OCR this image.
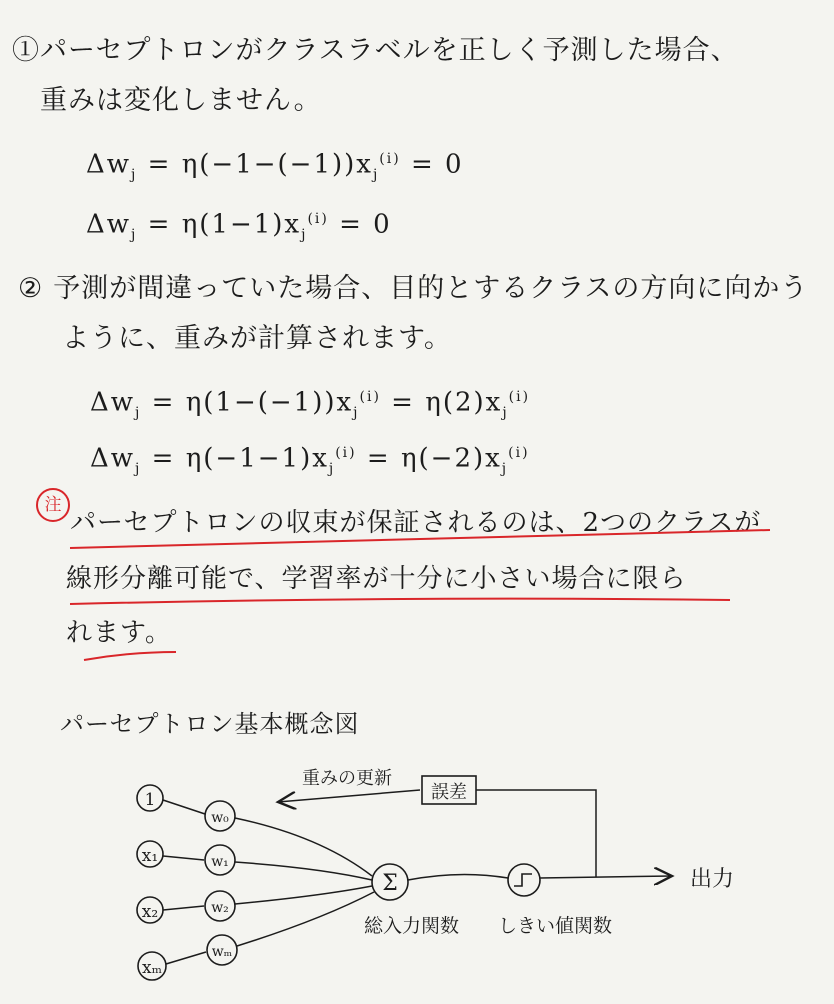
①パーセプトロンがクラスラベルを正しく予測した場合、
重みは変化しません。
$\Delta w_j = \eta(-1-(-1))x_j^{(i)} = 0$
$\Delta w_j = \eta(1-1)x_j^{(i)} = 0$
② 予測が間違っていた場合、目的とするクラスの方向に向かう
ように、重みが計算されます。
$\Delta w_j = \eta(1-(-1))x_j^{(i)} = \eta(2)x_j^{(i)}$
$\Delta w_j = \eta(-1-1)x_j^{(i)} = \eta(-2)x_j^{(i)}$
注
パーセプトロンの収束が保証されるのは、2つのクラスが
線形分離可能で、学習率が十分に小さい場合に限ら
れます。
パーセプトロン基本概念図
1
x₁
x₂
xₘ
w₀
w₁
w₂
wₘ
Σ
総入力関数 しきい値関数
出力
誤差
重みの更新
